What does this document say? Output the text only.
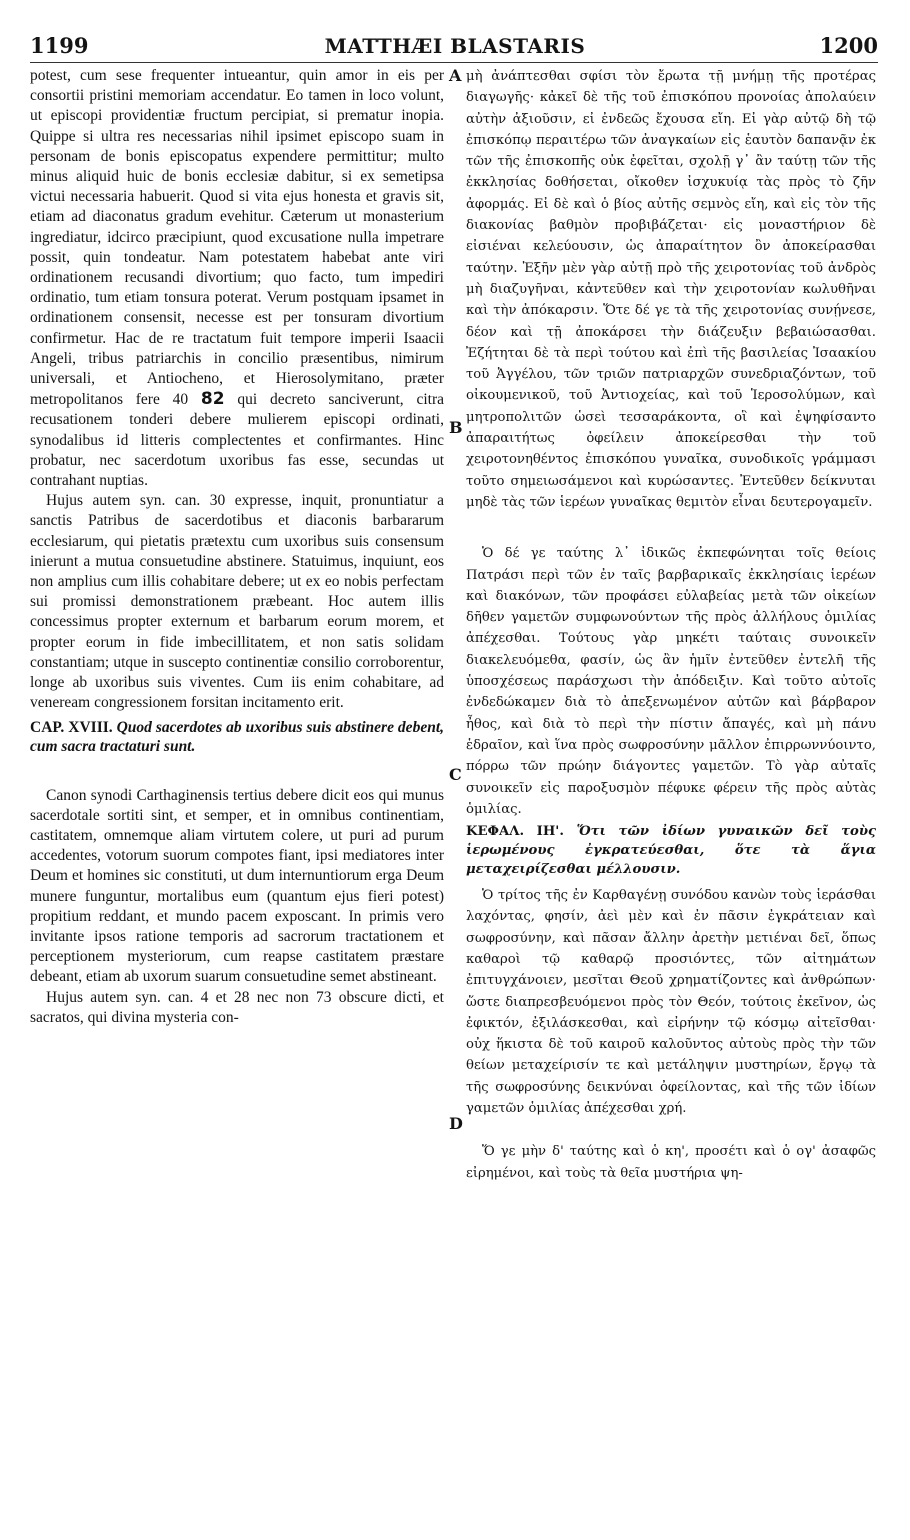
MATTHÆI BLASTARIS
1199	1200
A
B
C
D

potest, cum sese frequenter intueantur, quin amor in eis per consortii pristini memoriam accendatur. Eo tamen in loco volunt, ut episcopi providentiæ fructum percipiat, si prematur inopia. Quippe si ultra res necessarias nihil ipsimet episcopo suam in personam de bonis episcopatus expendere permittitur; multo minus aliquid huic de bonis ecclesiæ dabitur, si ex semetipsa victui necessaria habuerit. Quod si vita ejus honesta et gravis sit, etiam ad diaconatus gradum evehitur. Cæterum ut monasterium ingrediatur, idcirco præcipiunt, quod excusatione nulla impetrare possit, quin tondeatur. Nam potestatem habebat ante viri ordinationem recusandi divortium; quo facto, tum impediri ordinatio, tum etiam tonsura poterat. Verum postquam ipsamet in ordinationem consensit, necesse est per tonsuram divortium confirmetur. Hac de re tractatum fuit tempore imperii Isaacii Angeli, tribus patriarchis in concilio præsentibus, nimirum universali, et Antiocheno, et Hierosolymitano, præter metropolitanos fere 40 82 qui decreto sanciverunt, citra recusationem tonderi debere mulierem episcopi ordinati, synodalibus id litteris complectentes et confirmantes. Hinc probatur, nec sacerdotum uxoribus fas esse, secundas ut contrahant nuptias.

Hujus autem syn. can. 30 expresse, inquit, pronuntiatur a sanctis Patribus de sacerdotibus et diaconis barbararum ecclesiarum, qui pietatis prætextu cum uxoribus suis consensum inierunt a mutua consuetudine abstinere. Statuimus, inquiunt, eos non amplius cum illis cohabitare debere; ut ex eo nobis perfectam sui promissi demonstrationem præbeant. Hoc autem illis concessimus propter externum et barbarum eorum morem, et propter eorum in fide imbecillitatem, et non satis solidam constantiam; utque in suscepto continentiæ consilio corroborentur, longe ab uxoribus suis viventes. Cum iis enim cohabitare, ad veneream congressionem forsitan incitamento erit.

CAP. XVIII. Quod sacerdotes ab uxoribus suis abstinere debent, cum sacra tractaturi sunt.

Canon synodi Carthaginensis tertius debere dicit eos qui munus sacerdotale sortiti sint, et semper, et in omnibus continentiam, castitatem, omnemque aliam virtutem colere, ut puri ad purum accedentes, votorum suorum compotes fiant, ipsi mediatores inter Deum et homines sic constituti, ut dum internuntiorum erga Deum munere funguntur, mortalibus eum (quantum ejus fieri potest) propitium reddant, et mundo pacem exposcant. In primis vero invitante ipsos ratione temporis ad sacrorum tractationem et perceptionem mysteriorum, cum reapse castitatem præstare debeant, etiam ab uxorum suarum consuetudine semet abstineant.

Hujus autem syn. can. 4 et 28 nec non 73 obscure dicti, et sacratos, qui divina mysteria con-

μὴ ἀνάπτεσθαι σφίσι τὸν ἔρωτα τῇ μνήμῃ τῆς προτέρας διαγωγῆς· κἀκεῖ δὲ τῆς τοῦ ἐπισκόπου προνοίας ἀπολαύειν αὐτὴν ἀξιοῦσιν, εἰ ἐνδεῶς ἔχουσα εἴη. Εἰ γὰρ αὐτῷ δὴ τῷ ἐπισκόπῳ περαιτέρω τῶν ἀναγκαίων εἰς ἑαυτὸν δαπανᾷν ἐκ τῶν τῆς ἐπισκοπῆς οὐκ ἐφεῖται, σχολῇ γ᾽ ἂν ταύτῃ τῶν τῆς ἐκκλησίας δοθήσεται, οἴκοθεν ἰσχυκυίᾳ τὰς πρὸς τὸ ζῆν ἀφορμάς. Εἰ δὲ καὶ ὁ βίος αὐτῆς σεμνὸς εἴη, καὶ εἰς τὸν τῆς διακονίας βαθμὸν προβιβάζεται· εἰς μοναστήριον δὲ εἰσιέναι κελεύουσιν, ὡς ἀπαραίτητον ὂν ἀποκείρασθαι ταύτην. Ἐξῆν μὲν γὰρ αὐτῇ πρὸ τῆς χειροτονίας τοῦ ἀνδρὸς μὴ διαζυγῆναι, κἀντεῦθεν καὶ τὴν χειροτονίαν κωλυθῆναι καὶ τὴν ἀπόκαρσιν. Ὅτε δέ γε τὰ τῆς χειροτονίας συνῄνεσε, δέον καὶ τῇ ἀποκάρσει τὴν διάζευξιν βεβαιώσασθαι. Ἐζήτηται δὲ τὰ περὶ τούτου καὶ ἐπὶ τῆς βασιλείας Ἰσαακίου τοῦ Ἀγγέλου, τῶν τριῶν πατριαρχῶν συνεδριαζόντων, τοῦ οἰκουμενικοῦ, τοῦ Ἀντιοχείας, καὶ τοῦ Ἱεροσολύμων, καὶ μητροπολιτῶν ὡσεὶ τεσσαράκοντα, οἳ καὶ ἐψηφίσαντο ἀπαραιτήτως ὀφείλειν ἀποκείρεσθαι τὴν τοῦ χειροτονηθέντος ἐπισκόπου γυναῖκα, συνοδικοῖς γράμμασι τοῦτο σημειωσάμενοι καὶ κυρώσαντες. Ἐντεῦθεν δείκνυται μηδὲ τὰς τῶν ἱερέων γυναῖκας θεμιτὸν εἶναι δευτερογαμεῖν.

Ὁ δέ γε ταύτης λ᾽ ἰδικῶς ἐκπεφώνηται τοῖς θείοις Πατράσι περὶ τῶν ἐν ταῖς βαρβαρικαῖς ἐκκλησίαις ἱερέων καὶ διακόνων, τῶν προφάσει εὐλαβείας μετὰ τῶν οἰκείων δῆθεν γαμετῶν συμφωνούντων τῆς πρὸς ἀλλήλους ὁμιλίας ἀπέχεσθαι. Τούτους γὰρ μηκέτι ταύταις συνοικεῖν διακελευόμεθα, φασίν, ὡς ἂν ἡμῖν ἐντεῦθεν ἐντελῆ τῆς ὑποσχέσεως παράσχωσι τὴν ἀπόδειξιν. Καὶ τοῦτο αὐτοῖς ἐνδεδώκαμεν διὰ τὸ ἀπεξενωμένον αὐτῶν καὶ βάρβαρον ἦθος, καὶ διὰ τὸ περὶ τὴν πίστιν ἄπαγές, καὶ μὴ πάνυ ἑδραῖον, καὶ ἵνα πρὸς σωφροσύνην μᾶλλον ἐπιρρωννύοιντο, πόρρω τῶν πρώην διάγοντες γαμετῶν. Τὸ γὰρ αὐταῖς συνοικεῖν εἰς παροξυσμὸν πέφυκε φέρειν τῆς πρὸς αὐτὰς ὁμιλίας.

ΚΕΦΑΛ. ΙΗ'. Ὅτι τῶν ἰδίων γυναικῶν δεῖ τοὺς ἱερωμένους ἐγκρατεύεσθαι, ὅτε τὰ ἅγια μεταχειρίζεσθαι μέλλουσιν.

Ὁ τρίτος τῆς ἐν Καρθαγένῃ συνόδου κανὼν τοὺς ἱεράσθαι λαχόντας, φησίν, ἀεὶ μὲν καὶ ἐν πᾶσιν ἐγκράτειαν καὶ σωφροσύνην, καὶ πᾶσαν ἄλλην ἀρετὴν μετιέναι δεῖ, ὅπως καθαροὶ τῷ καθαρῷ προσιόντες, τῶν αἰτημάτων ἐπιτυγχάνοιεν, μεσῖται Θεοῦ χρηματίζοντες καὶ ἀνθρώπων· ὥστε διαπρεσβευόμενοι πρὸς τὸν Θεόν, τούτοις ἐκεῖνον, ὡς ἐφικτόν, ἐξιλάσκεσθαι, καὶ εἰρήνην τῷ κόσμῳ αἰτεῖσθαι· οὐχ ἥκιστα δὲ τοῦ καιροῦ καλοῦντος αὐτοὺς πρὸς τὴν τῶν θείων μεταχείρισίν τε καὶ μετάληψιν μυστηρίων, ἔργῳ τὰ τῆς σωφροσύνης δεικνύναι ὀφείλοντας, καὶ τῆς τῶν ἰδίων γαμετῶν ὁμιλίας ἀπέχεσθαι χρή.

Ὅ γε μὴν δ' ταύτης καὶ ὁ κη', προσέτι καὶ ὁ ογ' ἀσαφῶς εἰρημένοι, καὶ τοὺς τὰ θεῖα μυστήρια ψη-
